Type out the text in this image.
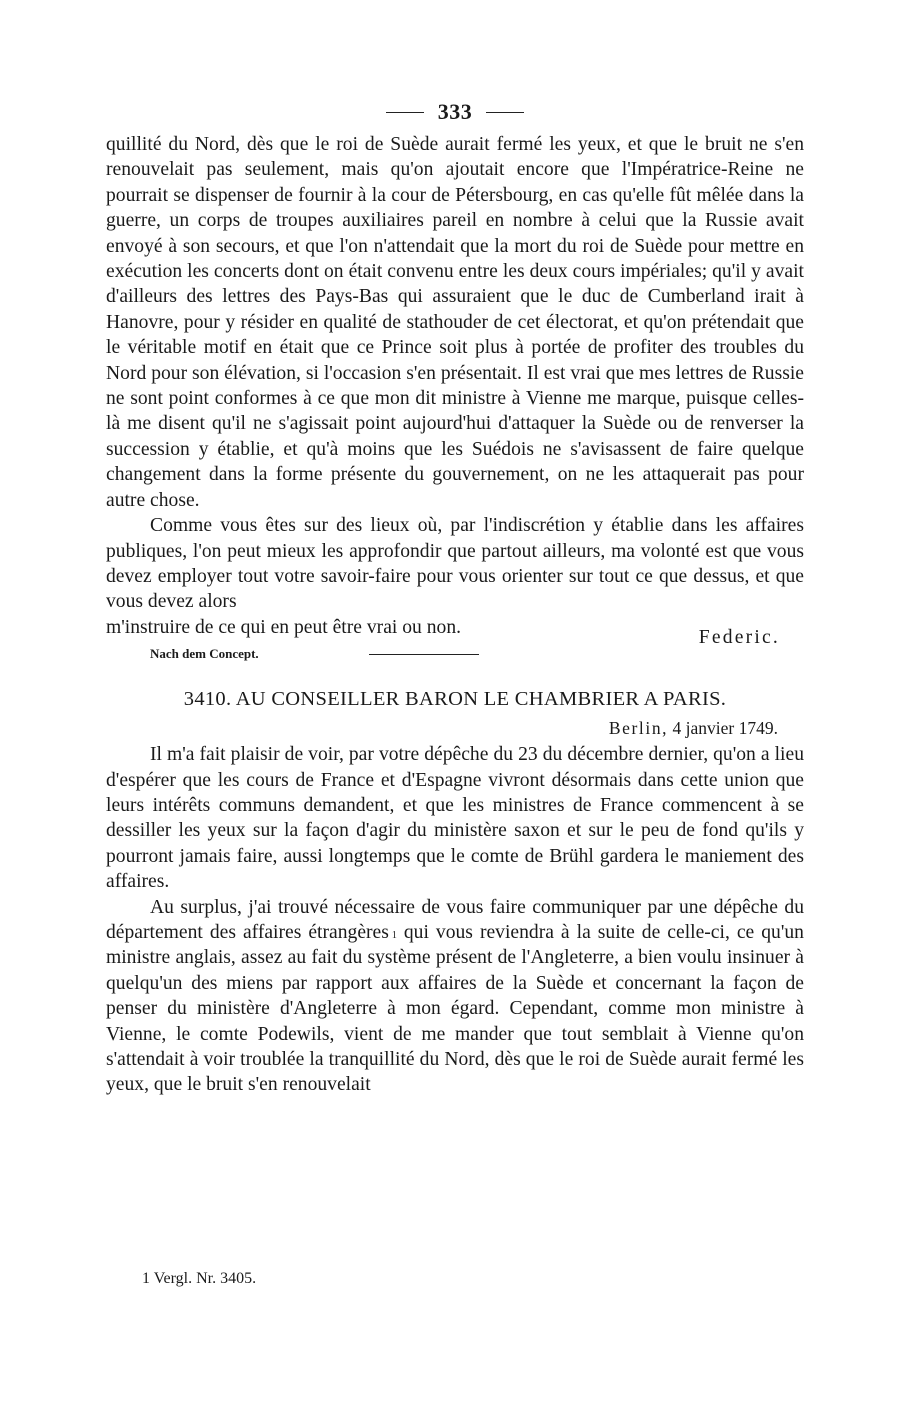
333

quillité du Nord, dès que le roi de Suède aurait fermé les yeux, et que le bruit ne s'en renouvelait pas seulement, mais qu'on ajoutait encore que l'Impératrice-Reine ne pourrait se dispenser de fournir à la cour de Pétersbourg, en cas qu'elle fût mêlée dans la guerre, un corps de troupes auxiliaires pareil en nombre à celui que la Russie avait envoyé à son secours, et que l'on n'attendait que la mort du roi de Suède pour mettre en exécution les concerts dont on était convenu entre les deux cours impériales; qu'il y avait d'ailleurs des lettres des Pays-Bas qui assuraient que le duc de Cumberland irait à Hanovre, pour y résider en qualité de stathouder de cet électorat, et qu'on prétendait que le véritable motif en était que ce Prince soit plus à portée de profiter des troubles du Nord pour son élévation, si l'occasion s'en présentait. Il est vrai que mes lettres de Russie ne sont point conformes à ce que mon dit ministre à Vienne me marque, puisque celles-là me disent qu'il ne s'agissait point aujourd'hui d'attaquer la Suède ou de renverser la succession y établie, et qu'à moins que les Suédois ne s'avisassent de faire quelque changement dans la forme présente du gouvernement, on ne les attaquerait pas pour autre chose.

Comme vous êtes sur des lieux où, par l'indiscrétion y établie dans les affaires publiques, l'on peut mieux les approfondir que partout ailleurs, ma volonté est que vous devez employer tout votre savoir-faire pour vous orienter sur tout ce que dessus, et que vous devez alors

m'instruire de ce qui en peut être vrai ou non.	Federic.
Nach dem Concept.
3410. AU CONSEILLER BARON LE CHAMBRIER A PARIS.
Berlin, 4 janvier 1749.

Il m'a fait plaisir de voir, par votre dépêche du 23 du décembre dernier, qu'on a lieu d'espérer que les cours de France et d'Espagne vivront désormais dans cette union que leurs intérêts communs demandent, et que les ministres de France commencent à se dessiller les yeux sur la façon d'agir du ministère saxon et sur le peu de fond qu'ils y pourront jamais faire, aussi longtemps que le comte de Brühl gardera le maniement des affaires.

Au surplus, j'ai trouvé nécessaire de vous faire communiquer par une dépêche du département des affaires étrangères $^1$ qui vous reviendra à la suite de celle-ci, ce qu'un ministre anglais, assez au fait du système présent de l'Angleterre, a bien voulu insinuer à quelqu'un des miens par rapport aux affaires de la Suède et concernant la façon de penser du ministère d'Angleterre à mon égard. Cependant, comme mon ministre à Vienne, le comte Podewils, vient de me mander que tout semblait à Vienne qu'on s'attendait à voir troublée la tranquillité du Nord, dès que le roi de Suède aurait fermé les yeux, que le bruit s'en renouvelait

1 Vergl. Nr. 3405.
